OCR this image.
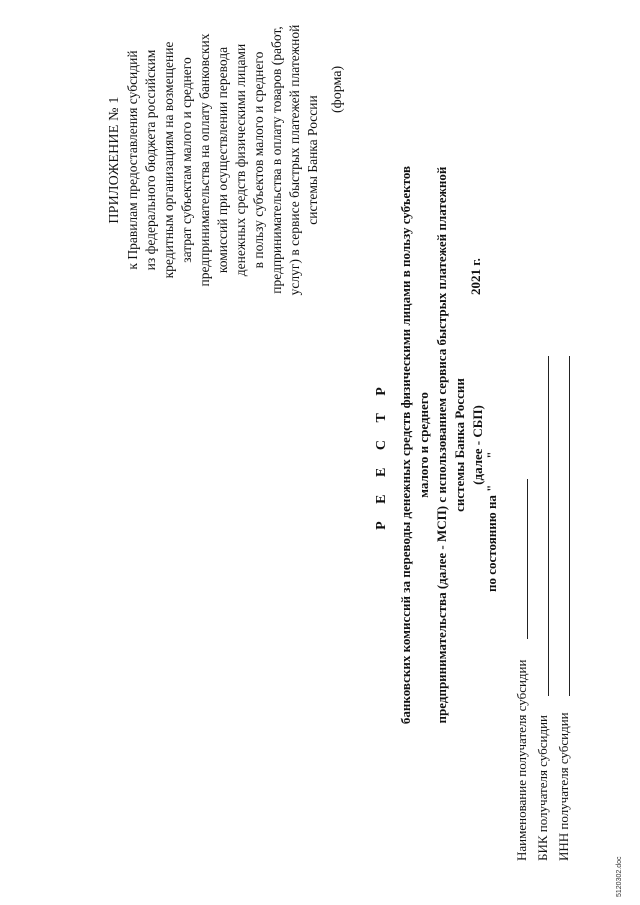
ПРИЛОЖЕНИЕ № 1 к Правилам предоставления субсидий из федерального бюджета российским кредитным организациям на возмещение затрат субъектам малого и среднего предпринимательства на оплату банковских комиссий при осуществлении перевода денежных средств физическими лицами в пользу субъектов малого и среднего предпринимательства в оплату товаров (работ, услуг) в сервисе быстрых платежей платежной системы Банка России
(форма)
Р Е Е С Т Р банковских комиссий за переводы денежных средств физическими лицами в пользу субъектов малого и среднего предпринимательства (далее - МСП) с использованием сервиса быстрых платежей платежной системы Банка России (далее - СБП)

по состоянию на "        "

2021 г.

Наименование получателя субсидии БИК получателя субсидии ИНН получателя субсидии
5120302.doc
